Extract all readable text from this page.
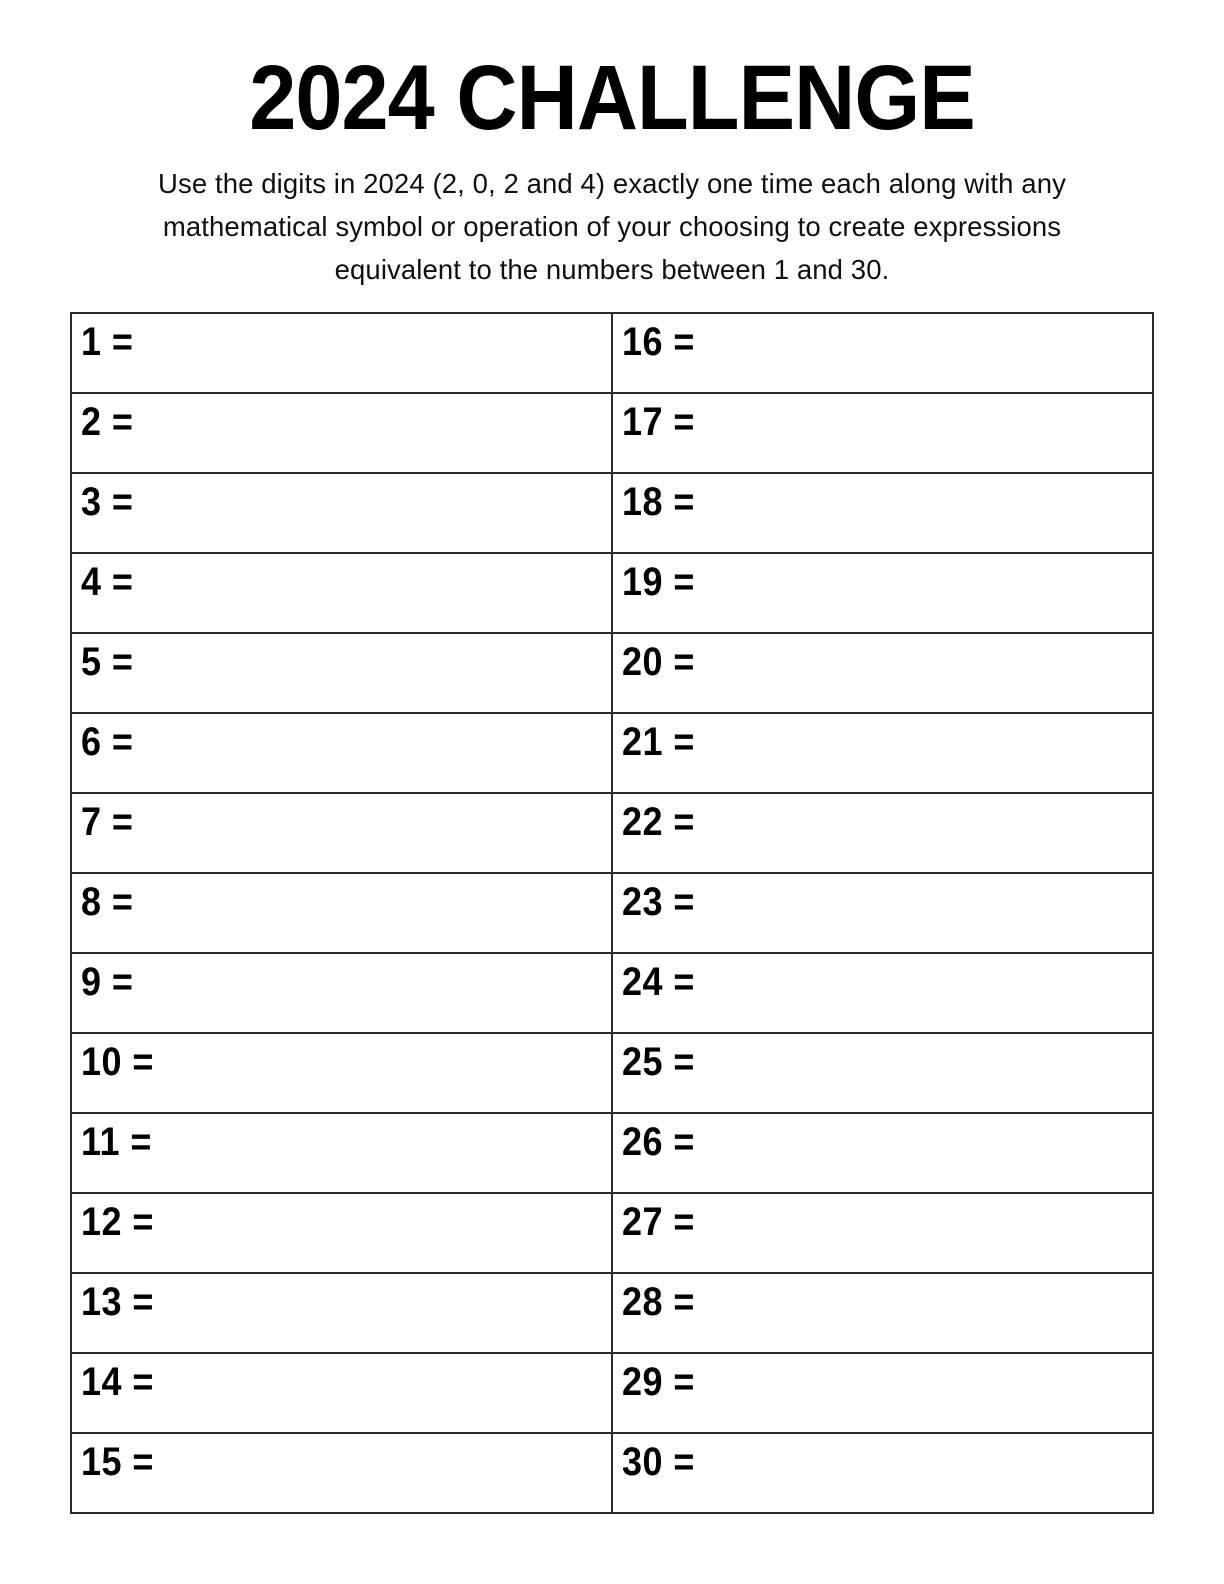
2024 CHALLENGE
Use the digits in 2024 (2, 0, 2 and 4) exactly one time each along with any
mathematical symbol or operation of your choosing to create expressions
equivalent to the numbers between 1 and 30.
1 =	16 =
2 =	17 =
3 =	18 =
4 =	19 =
5 =	20 =
6 =	21 =
7 =	22 =
8 =	23 =
9 =	24 =
10 =	25 =
11 =	26 =
12 =	27 =
13 =	28 =
14 =	29 =
15 =	30 =
